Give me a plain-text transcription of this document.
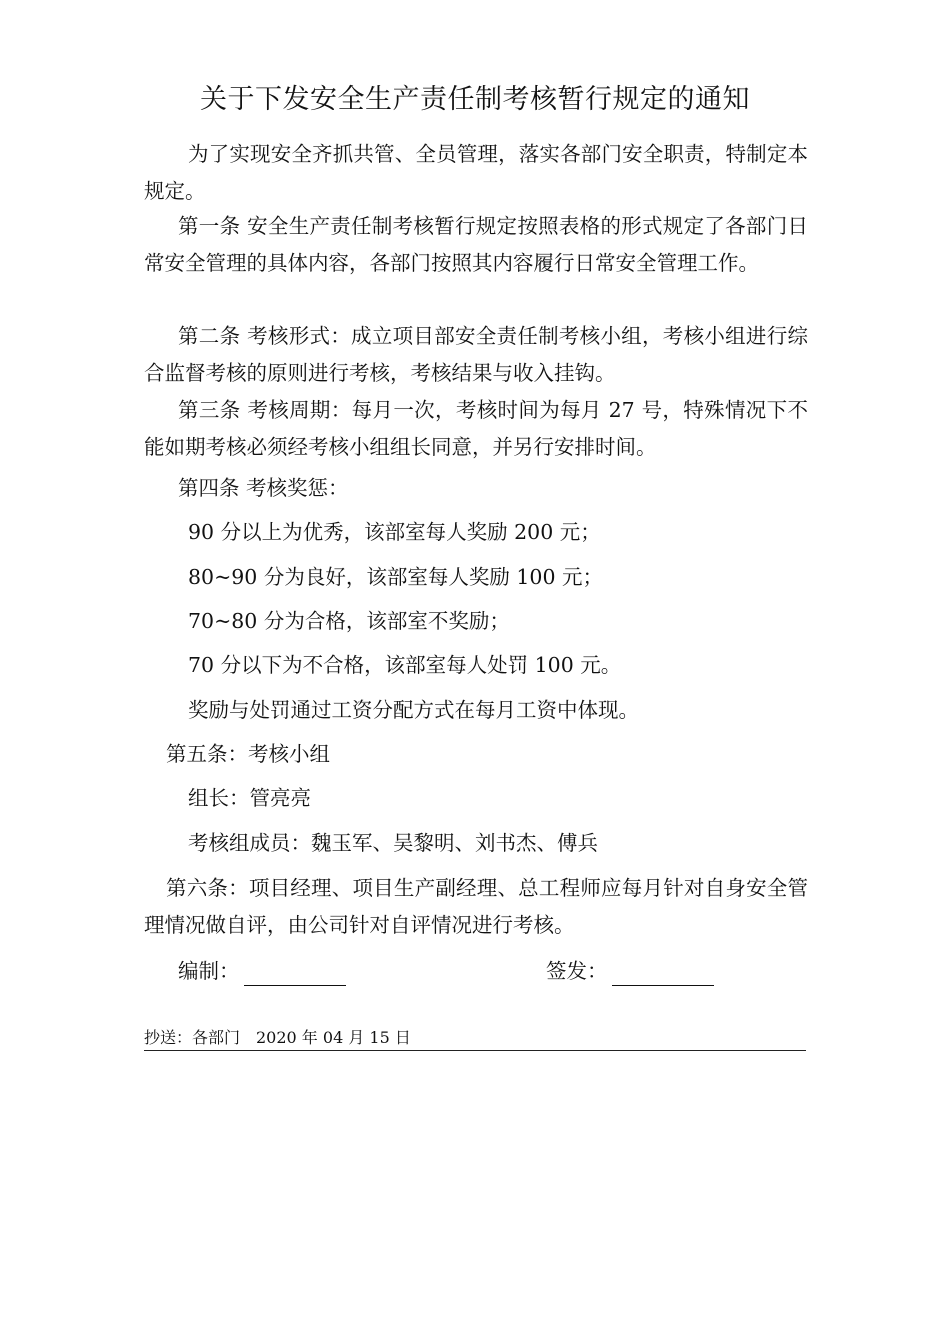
关于下发安全生产责任制考核暂行规定的通知

为了实现安全齐抓共管、全员管理，落实各部门安全职责，特制定本规定。

第一条 安全生产责任制考核暂行规定按照表格的形式规定了各部门日常安全管理的具体内容，各部门按照其内容履行日常安全管理工作。

第二条 考核形式：成立项目部安全责任制考核小组，考核小组进行综合监督考核的原则进行考核，考核结果与收入挂钩。

第三条 考核周期：每月一次，考核时间为每月 27 号，特殊情况下不能如期考核必须经考核小组组长同意，并另行安排时间。

第四条 考核奖惩：
90 分以上为优秀，该部室每人奖励 200 元；
80~90 分为良好，该部室每人奖励 100 元；
70~80 分为合格，该部室不奖励；
70 分以下为不合格，该部室每人处罚 100 元。
奖励与处罚通过工资分配方式在每月工资中体现。
第五条：考核小组
组长：管亮亮
考核组成员：魏玉军、吴黎明、刘书杰、傅兵

第六条：项目经理、项目生产副经理、总工程师应每月针对自身安全管理情况做自评，由公司针对自评情况进行考核。

编制：	签发：
抄送：各部门　2020 年 04 月 15 日
